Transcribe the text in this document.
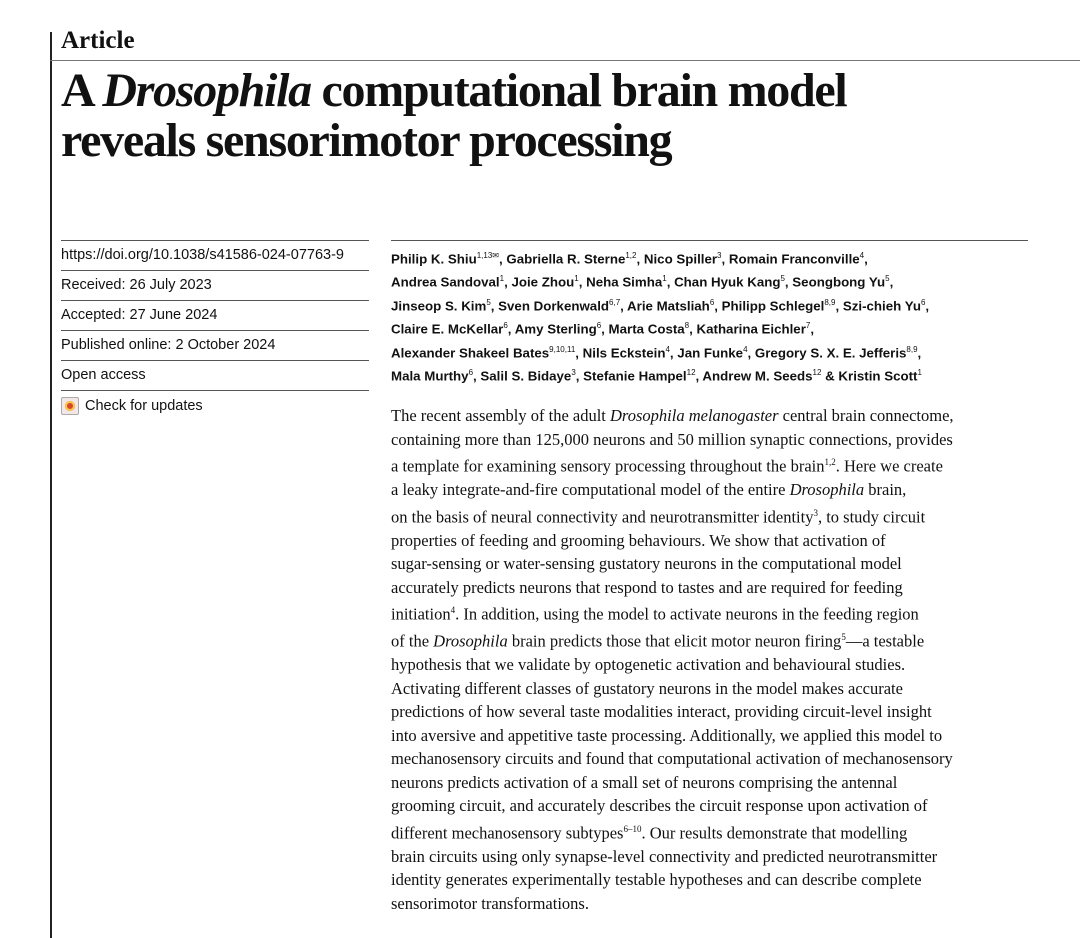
Article
A Drosophila computational brain model
reveals sensorimotor processing
https://doi.org/10.1038/s41586-024-07763-9
Received: 26 July 2023
Accepted: 27 June 2024
Published online: 2 October 2024
Open access
Check for updates

Philip K. Shiu$^{1,13✉}$, Gabriella R. Sterne$^{1,2}$, Nico Spiller$^3$, Romain Franconville$^4$,

Andrea Sandoval$^1$, Joie Zhou$^1$, Neha Simha$^1$, Chan Hyuk Kang$^5$, Seongbong Yu$^5$,

Jinseop S. Kim$^5$, Sven Dorkenwald$^{6,7}$, Arie Matsliah$^6$, Philipp Schlegel$^{8,9}$, Szi-chieh Yu$^6$,

Claire E. McKellar$^6$, Amy Sterling$^6$, Marta Costa$^8$, Katharina Eichler$^7$,

Alexander Shakeel Bates$^{9,10,11}$, Nils Eckstein$^4$, Jan Funke$^4$, Gregory S. X. E. Jefferis$^{8,9}$,

Mala Murthy$^6$, Salil S. Bidaye$^3$, Stefanie Hampel$^{12}$, Andrew M. Seeds$^{12}$ & Kristin Scott$^1$

The recent assembly of the adult Drosophila melanogaster central brain connectome,

containing more than 125,000 neurons and 50 million synaptic connections, provides

a template for examining sensory processing throughout the brain$^{1,2}$. Here we create

a leaky integrate-and-fire computational model of the entire Drosophila brain,

on the basis of neural connectivity and neurotransmitter identity$^3$, to study circuit

properties of feeding and grooming behaviours. We show that activation of

sugar-sensing or water-sensing gustatory neurons in the computational model

accurately predicts neurons that respond to tastes and are required for feeding

initiation$^4$. In addition, using the model to activate neurons in the feeding region

of the Drosophila brain predicts those that elicit motor neuron firing$^5$—a testable

hypothesis that we validate by optogenetic activation and behavioural studies.

Activating different classes of gustatory neurons in the model makes accurate

predictions of how several taste modalities interact, providing circuit-level insight

into aversive and appetitive taste processing. Additionally, we applied this model to

mechanosensory circuits and found that computational activation of mechanosensory

neurons predicts activation of a small set of neurons comprising the antennal

grooming circuit, and accurately describes the circuit response upon activation of

different mechanosensory subtypes$^{6-10}$. Our results demonstrate that modelling

brain circuits using only synapse-level connectivity and predicted neurotransmitter

identity generates experimentally testable hypotheses and can describe complete

sensorimotor transformations.
